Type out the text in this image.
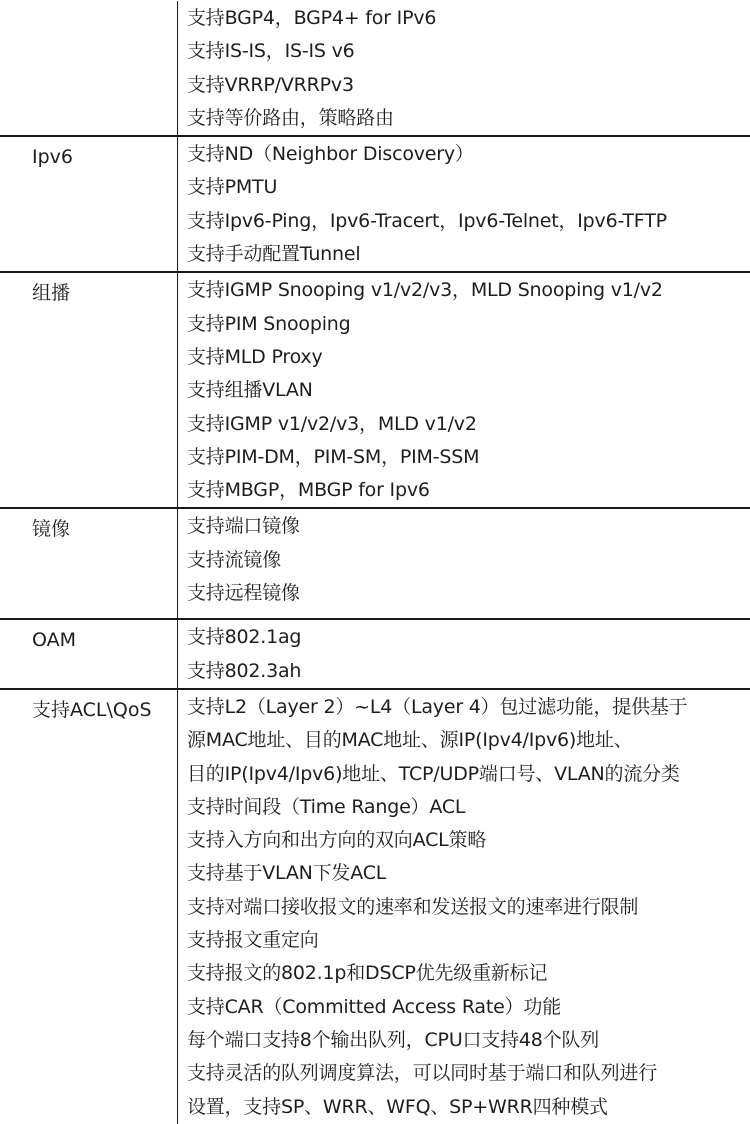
支持BGP4，BGP4+ for IPv6
支持IS-IS，IS-IS v6
支持VRRP/VRRPv3
支持等价路由，策略路由
Ipv6	支持ND（Neighbor Discovery）
支持PMTU
支持Ipv6-Ping，Ipv6-Tracert，Ipv6-Telnet，Ipv6-TFTP
支持手动配置Tunnel
组播	支持IGMP Snooping v1/v2/v3，MLD Snooping v1/v2
支持PIM Snooping
支持MLD Proxy
支持组播VLAN
支持IGMP v1/v2/v3，MLD v1/v2
支持PIM-DM，PIM-SM，PIM-SSM
支持MBGP，MBGP for Ipv6
镜像	支持端口镜像
支持流镜像
支持远程镜像
OAM	支持802.1ag
支持802.3ah
支持ACL\QoS	支持L2（Layer 2）~L4（Layer 4）包过滤功能，提供基于
源MAC地址、目的MAC地址、源IP(Ipv4/Ipv6)地址、
目的IP(Ipv4/Ipv6)地址、TCP/UDP端口号、VLAN的流分类
支持时间段（Time Range）ACL
支持入方向和出方向的双向ACL策略
支持基于VLAN下发ACL
支持对端口接收报文的速率和发送报文的速率进行限制
支持报文重定向
支持报文的802.1p和DSCP优先级重新标记
支持CAR（Committed Access Rate）功能
每个端口支持8个输出队列，CPU口支持48个队列
支持灵活的队列调度算法，可以同时基于端口和队列进行
设置，支持SP、WRR、WFQ、SP+WRR四种模式
